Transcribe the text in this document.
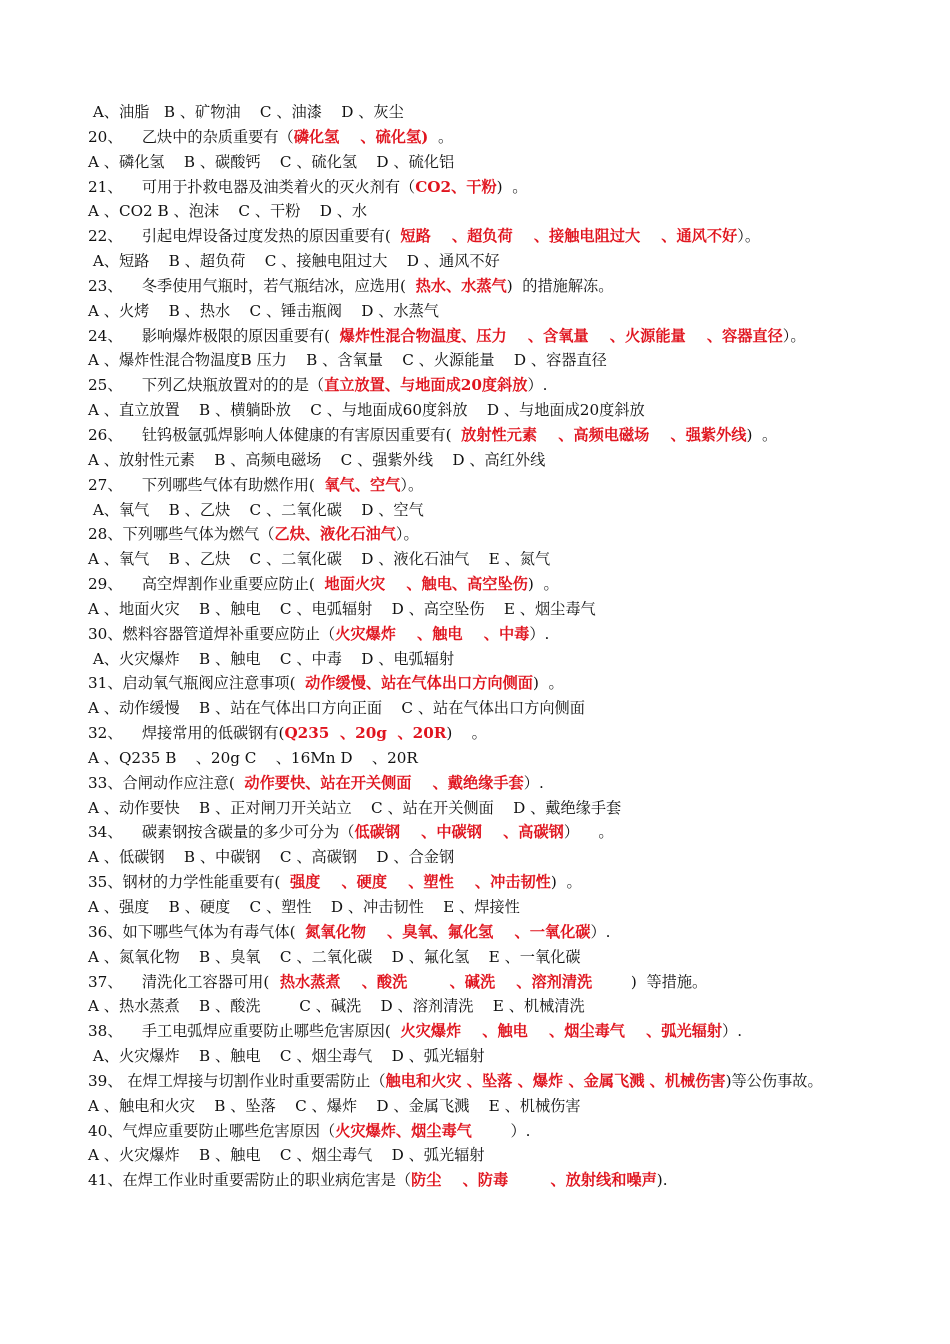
A、油脂   B 、矿物油    C 、油漆    D 、灰尘
20、    乙炔中的杂质重要有（磷化氢    、硫化氢)  。
A 、磷化氢    B 、碳酸钙    C 、硫化氢    D 、硫化铝
21、    可用于扑救电器及油类着火的灭火剂有（CO2、干粉)  。
A 、CO2 B 、泡沫    C 、干粉    D 、水
22、    引起电焊设备过度发热的原因重要有(  短路    、超负荷    、接触电阻过大    、通风不好）。
A、短路    B 、超负荷    C 、接触电阻过大    D 、通风不好
23、    冬季使用气瓶时，若气瓶结冰，应选用(  热水、水蒸气)  的措施解冻。
A 、火烤    B 、热水    C 、锤击瓶阀    D 、水蒸气
24、    影响爆炸极限的原因重要有(  爆炸性混合物温度、压力    、含氧量    、火源能量    、容器直径）。
A 、爆炸性混合物温度B 压力    B 、含氧量    C 、火源能量    D 、容器直径
25、    下列乙炔瓶放置对的的是（直立放置、与地面成20度斜放）.
A 、直立放置    B 、横躺卧放    C 、与地面成60度斜放    D 、与地面成20度斜放
26、    钍钨极氩弧焊影响人体健康的有害原因重要有(  放射性元素    、高频电磁场    、强紫外线)  。
A 、放射性元素    B 、高频电磁场    C 、强紫外线    D 、高红外线
27、    下列哪些气体有助燃作用(  氧气、空气）。
A、氧气    B 、乙炔    C 、二氧化碳    D 、空气
28、下列哪些气体为燃气（乙炔、液化石油气）。
A 、氧气    B 、乙炔    C 、二氧化碳    D 、液化石油气    E 、氮气
29、    高空焊割作业重要应防止(  地面火灾    、触电、高空坠伤)  。
A 、地面火灾    B 、触电    C 、电弧辐射    D 、高空坠伤    E 、烟尘毒气
30、燃料容器管道焊补重要应防止（火灾爆炸    、触电    、中毒）.
A、火灾爆炸    B 、触电    C 、中毒    D 、电弧辐射
31、启动氧气瓶阀应注意事项(  动作缓慢、站在气体出口方向侧面)  。
A 、动作缓慢    B 、站在气体出口方向正面    C 、站在气体出口方向侧面
32、    焊接常用的低碳钢有(Q235  、20g  、20R)    。
A 、Q235 B    、20g C    、16Mn D    、20R
33、合闸动作应注意(  动作要快、站在开关侧面    、戴绝缘手套）.
A 、动作要快    B 、正对闸刀开关站立    C 、站在开关侧面    D 、戴绝缘手套
34、    碳素钢按含碳量的多少可分为（低碳钢    、中碳钢    、高碳钢）    。
A 、低碳钢    B 、中碳钢    C 、高碳钢    D 、合金钢
35、钢材的力学性能重要有(  强度    、硬度    、塑性    、冲击韧性)  。
A 、强度    B 、硬度    C 、塑性    D 、冲击韧性    E 、焊接性
36、如下哪些气体为有毒气体(  氮氧化物    、臭氧、氟化氢    、一氧化碳）.
A 、氮氧化物    B 、臭氧    C 、二氧化碳    D 、氟化氢    E 、一氧化碳
37、    清洗化工容器可用(  热水蒸煮    、酸洗        、碱洗    、溶剂清洗        )  等措施。
A 、热水蒸煮    B 、酸洗        C 、碱洗    D 、溶剂清洗    E 、机械清洗
38、    手工电弧焊应重要防止哪些危害原因(  火灾爆炸    、触电    、烟尘毒气    、弧光辐射）.
A、火灾爆炸    B 、触电    C 、烟尘毒气    D 、弧光辐射
39、 在焊工焊接与切割作业时重要需防止（触电和火灾 、坠落 、爆炸 、金属飞溅 、机械伤害)等公伤事故。
A 、触电和火灾    B 、坠落    C 、爆炸    D 、金属飞溅    E 、机械伤害
40、气焊应重要防止哪些危害原因（火灾爆炸、烟尘毒气        ）.
A 、火灾爆炸    B 、触电    C 、烟尘毒气    D 、弧光辐射
41、在焊工作业时重要需防止的职业病危害是（防尘    、防毒        、放射线和噪声).
